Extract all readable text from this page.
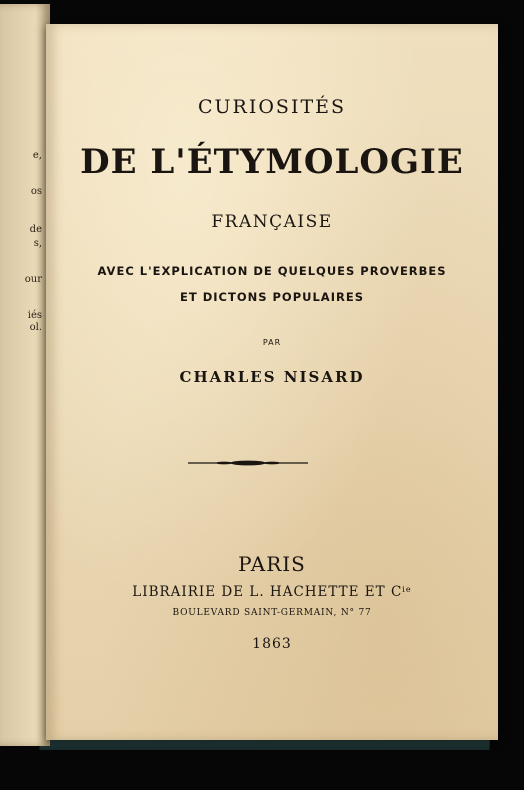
e,
os
de
s,
our
iés
ol.
CURIOSITÉS
DE L'ÉTYMOLOGIE
FRANÇAISE
AVEC L'EXPLICATION DE QUELQUES PROVERBES
ET DICTONS POPULAIRES
PAR
CHARLES NISARD
PARIS
LIBRAIRIE DE L. HACHETTE ET $C^{ie}$
BOULEVARD SAINT-GERMAIN, N° 77
1863
